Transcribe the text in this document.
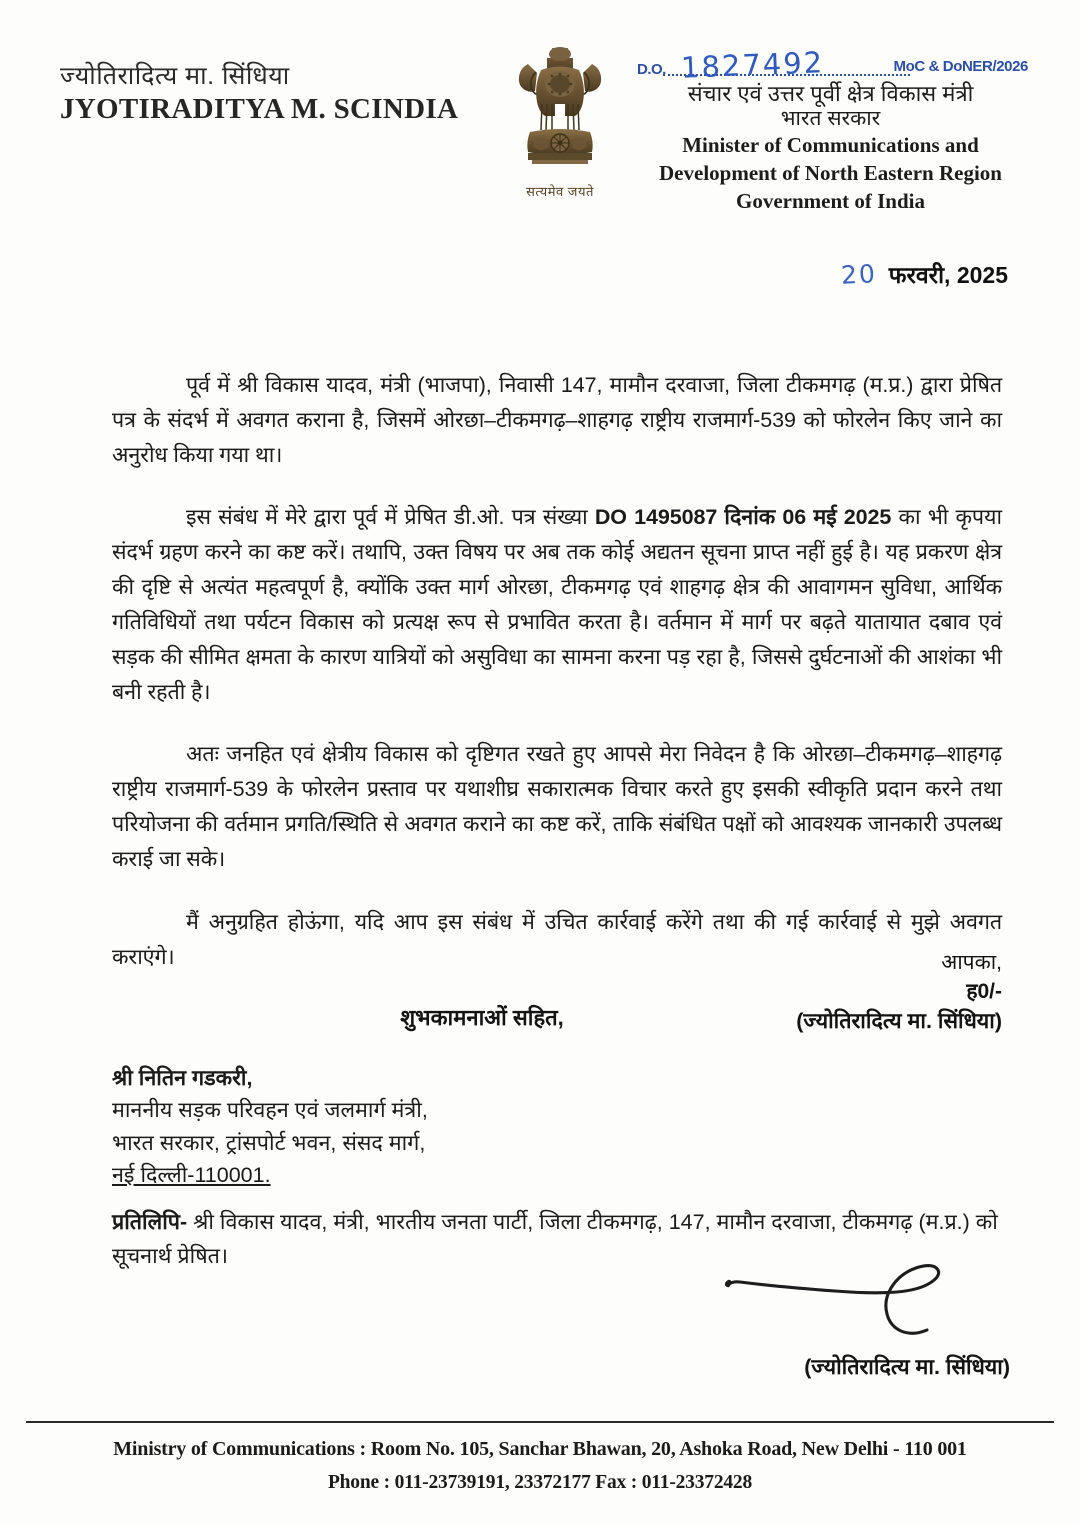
ज्योतिरादित्य मा. सिंधिया
JYOTIRADITYA M. SCINDIA
सत्यमेव जयते
D.O. 1827492	MoC & DoNER/2026
संचार एवं उत्तर पूर्वी क्षेत्र विकास मंत्री
भारत सरकार
Minister of Communications and
Development of North Eastern Region
Government of India
20 फरवरी, 2025

पूर्व में श्री विकास यादव, मंत्री (भाजपा), निवासी 147, मामौन दरवाजा, जिला टीकमगढ़ (म.प्र.) द्वारा प्रेषित पत्र के संदर्भ में अवगत कराना है, जिसमें ओरछा–टीकमगढ़–शाहगढ़ राष्ट्रीय राजमार्ग-539 को फोरलेन किए जाने का अनुरोध किया गया था।

इस संबंध में मेरे द्वारा पूर्व में प्रेषित डी.ओ. पत्र संख्या DO 1495087 दिनांक 06 मई 2025 का भी कृपया संदर्भ ग्रहण करने का कष्ट करें। तथापि, उक्त विषय पर अब तक कोई अद्यतन सूचना प्राप्त नहीं हुई है। यह प्रकरण क्षेत्र की दृष्टि से अत्यंत महत्वपूर्ण है, क्योंकि उक्त मार्ग ओरछा, टीकमगढ़ एवं शाहगढ़ क्षेत्र की आवागमन सुविधा, आर्थिक गतिविधियों तथा पर्यटन विकास को प्रत्यक्ष रूप से प्रभावित करता है। वर्तमान में मार्ग पर बढ़ते यातायात दबाव एवं सड़क की सीमित क्षमता के कारण यात्रियों को असुविधा का सामना करना पड़ रहा है, जिससे दुर्घटनाओं की आशंका भी बनी रहती है।

अतः जनहित एवं क्षेत्रीय विकास को दृष्टिगत रखते हुए आपसे मेरा निवेदन है कि ओरछा–टीकमगढ़–शाहगढ़ राष्ट्रीय राजमार्ग-539 के फोरलेन प्रस्ताव पर यथाशीघ्र सकारात्मक विचार करते हुए इसकी स्वीकृति प्रदान करने तथा परियोजना की वर्तमान प्रगति/स्थिति से अवगत कराने का कष्ट करें, ताकि संबंधित पक्षों को आवश्यक जानकारी उपलब्ध कराई जा सके।

मैं अनुग्रहित होऊंगा, यदि आप इस संबंध में उचित कार्रवाई करेंगे तथा की गई कार्रवाई से मुझे अवगत कराएंगे।

शुभकामनाओं सहित,
आपका,
ह0/-
(ज्योतिरादित्य मा. सिंधिया)
श्री नितिन गडकरी,
माननीय सड़क परिवहन एवं जलमार्ग मंत्री,
भारत सरकार, ट्रांसपोर्ट भवन, संसद मार्ग,
नई दिल्ली-110001.
प्रतिलिपि- श्री विकास यादव, मंत्री, भारतीय जनता पार्टी, जिला टीकमगढ़, 147, मामौन दरवाजा, टीकमगढ़ (म.प्र.) को सूचनार्थ प्रेषित।
(ज्योतिरादित्य मा. सिंधिया)
Ministry of Communications : Room No. 105, Sanchar Bhawan, 20, Ashoka Road, New Delhi - 110 001
Phone : 011-23739191, 23372177 Fax : 011-23372428
